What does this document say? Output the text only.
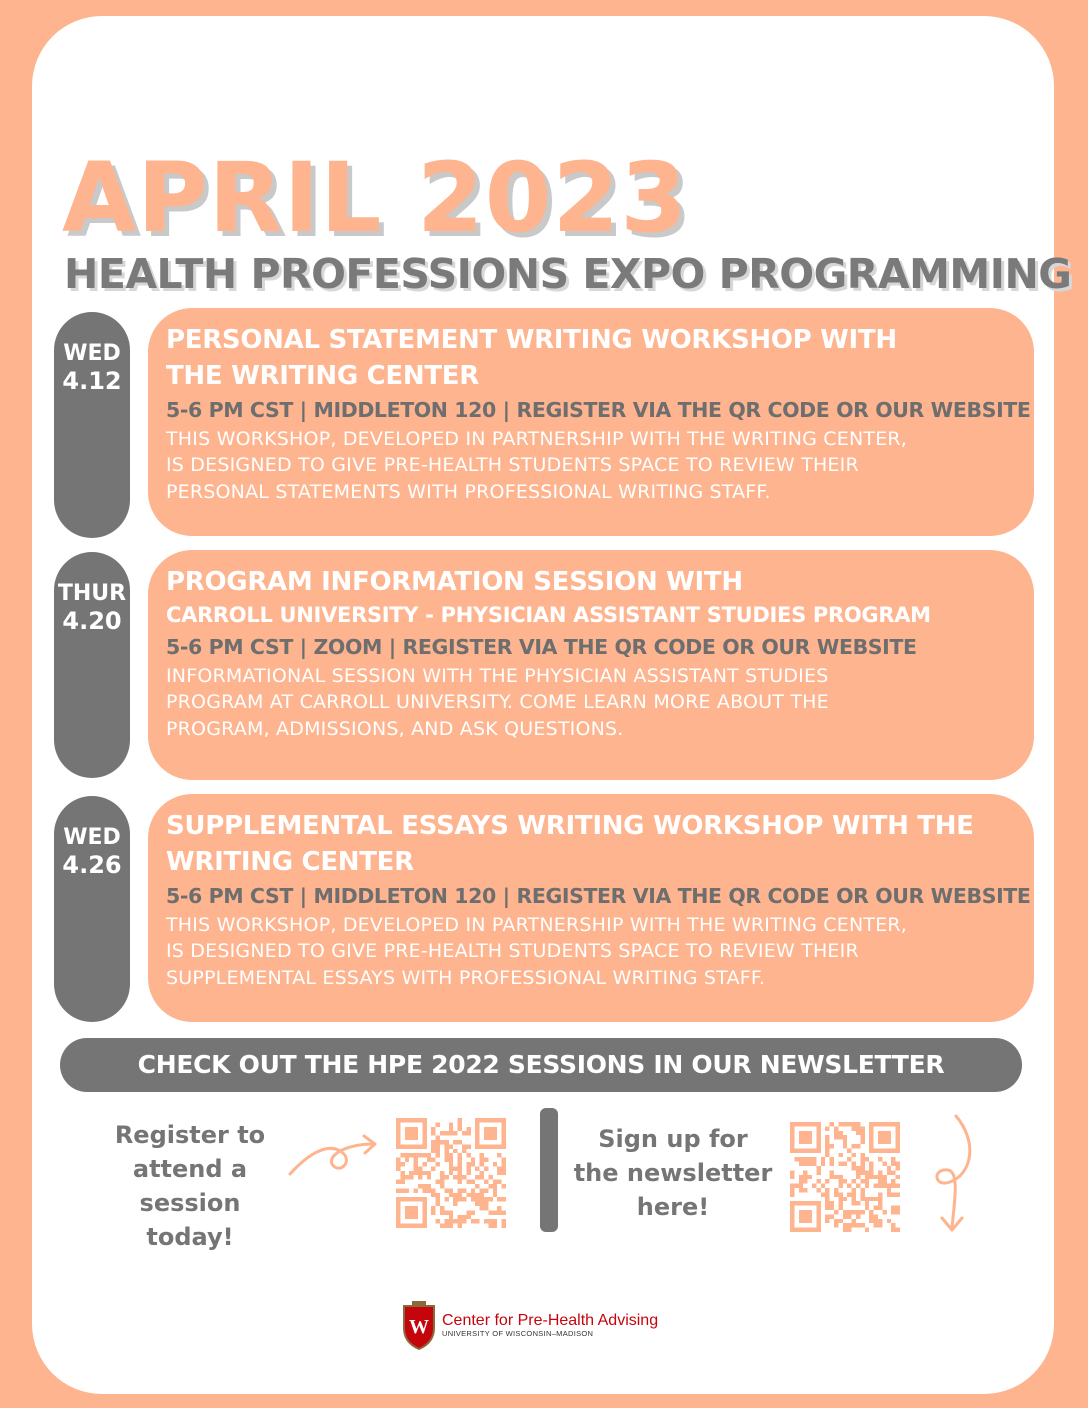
APRIL 2023
HEALTH PROFESSIONS EXPO PROGRAMMING
WED
4.12
PERSONAL STATEMENT WRITING WORKSHOP WITH
THE WRITING CENTER
5-6 PM CST | MIDDLETON 120 | REGISTER VIA THE QR CODE OR OUR WEBSITE
THIS WORKSHOP, DEVELOPED IN PARTNERSHIP WITH THE WRITING CENTER,
IS DESIGNED TO GIVE PRE-HEALTH STUDENTS SPACE TO REVIEW THEIR
PERSONAL STATEMENTS WITH PROFESSIONAL WRITING STAFF.
THUR
4.20
PROGRAM INFORMATION SESSION WITH
CARROLL UNIVERSITY - PHYSICIAN ASSISTANT STUDIES PROGRAM
5-6 PM CST | ZOOM | REGISTER VIA THE QR CODE OR OUR WEBSITE
INFORMATIONAL SESSION WITH THE PHYSICIAN ASSISTANT STUDIES
PROGRAM AT CARROLL UNIVERSITY. COME LEARN MORE ABOUT THE
PROGRAM, ADMISSIONS, AND ASK QUESTIONS.
WED
4.26
SUPPLEMENTAL ESSAYS WRITING WORKSHOP WITH THE
WRITING CENTER
5-6 PM CST | MIDDLETON 120 | REGISTER VIA THE QR CODE OR OUR WEBSITE
THIS WORKSHOP, DEVELOPED IN PARTNERSHIP WITH THE WRITING CENTER,
IS DESIGNED TO GIVE PRE-HEALTH STUDENTS SPACE TO REVIEW THEIR
SUPPLEMENTAL ESSAYS WITH PROFESSIONAL WRITING STAFF.
CHECK OUT THE HPE 2022 SESSIONS IN OUR NEWSLETTER
Register to
attend a
session today!
Sign up for
the newsletter
here!
W Center for Pre-Health Advising
UNIVERSITY OF WISCONSIN–MADISON
